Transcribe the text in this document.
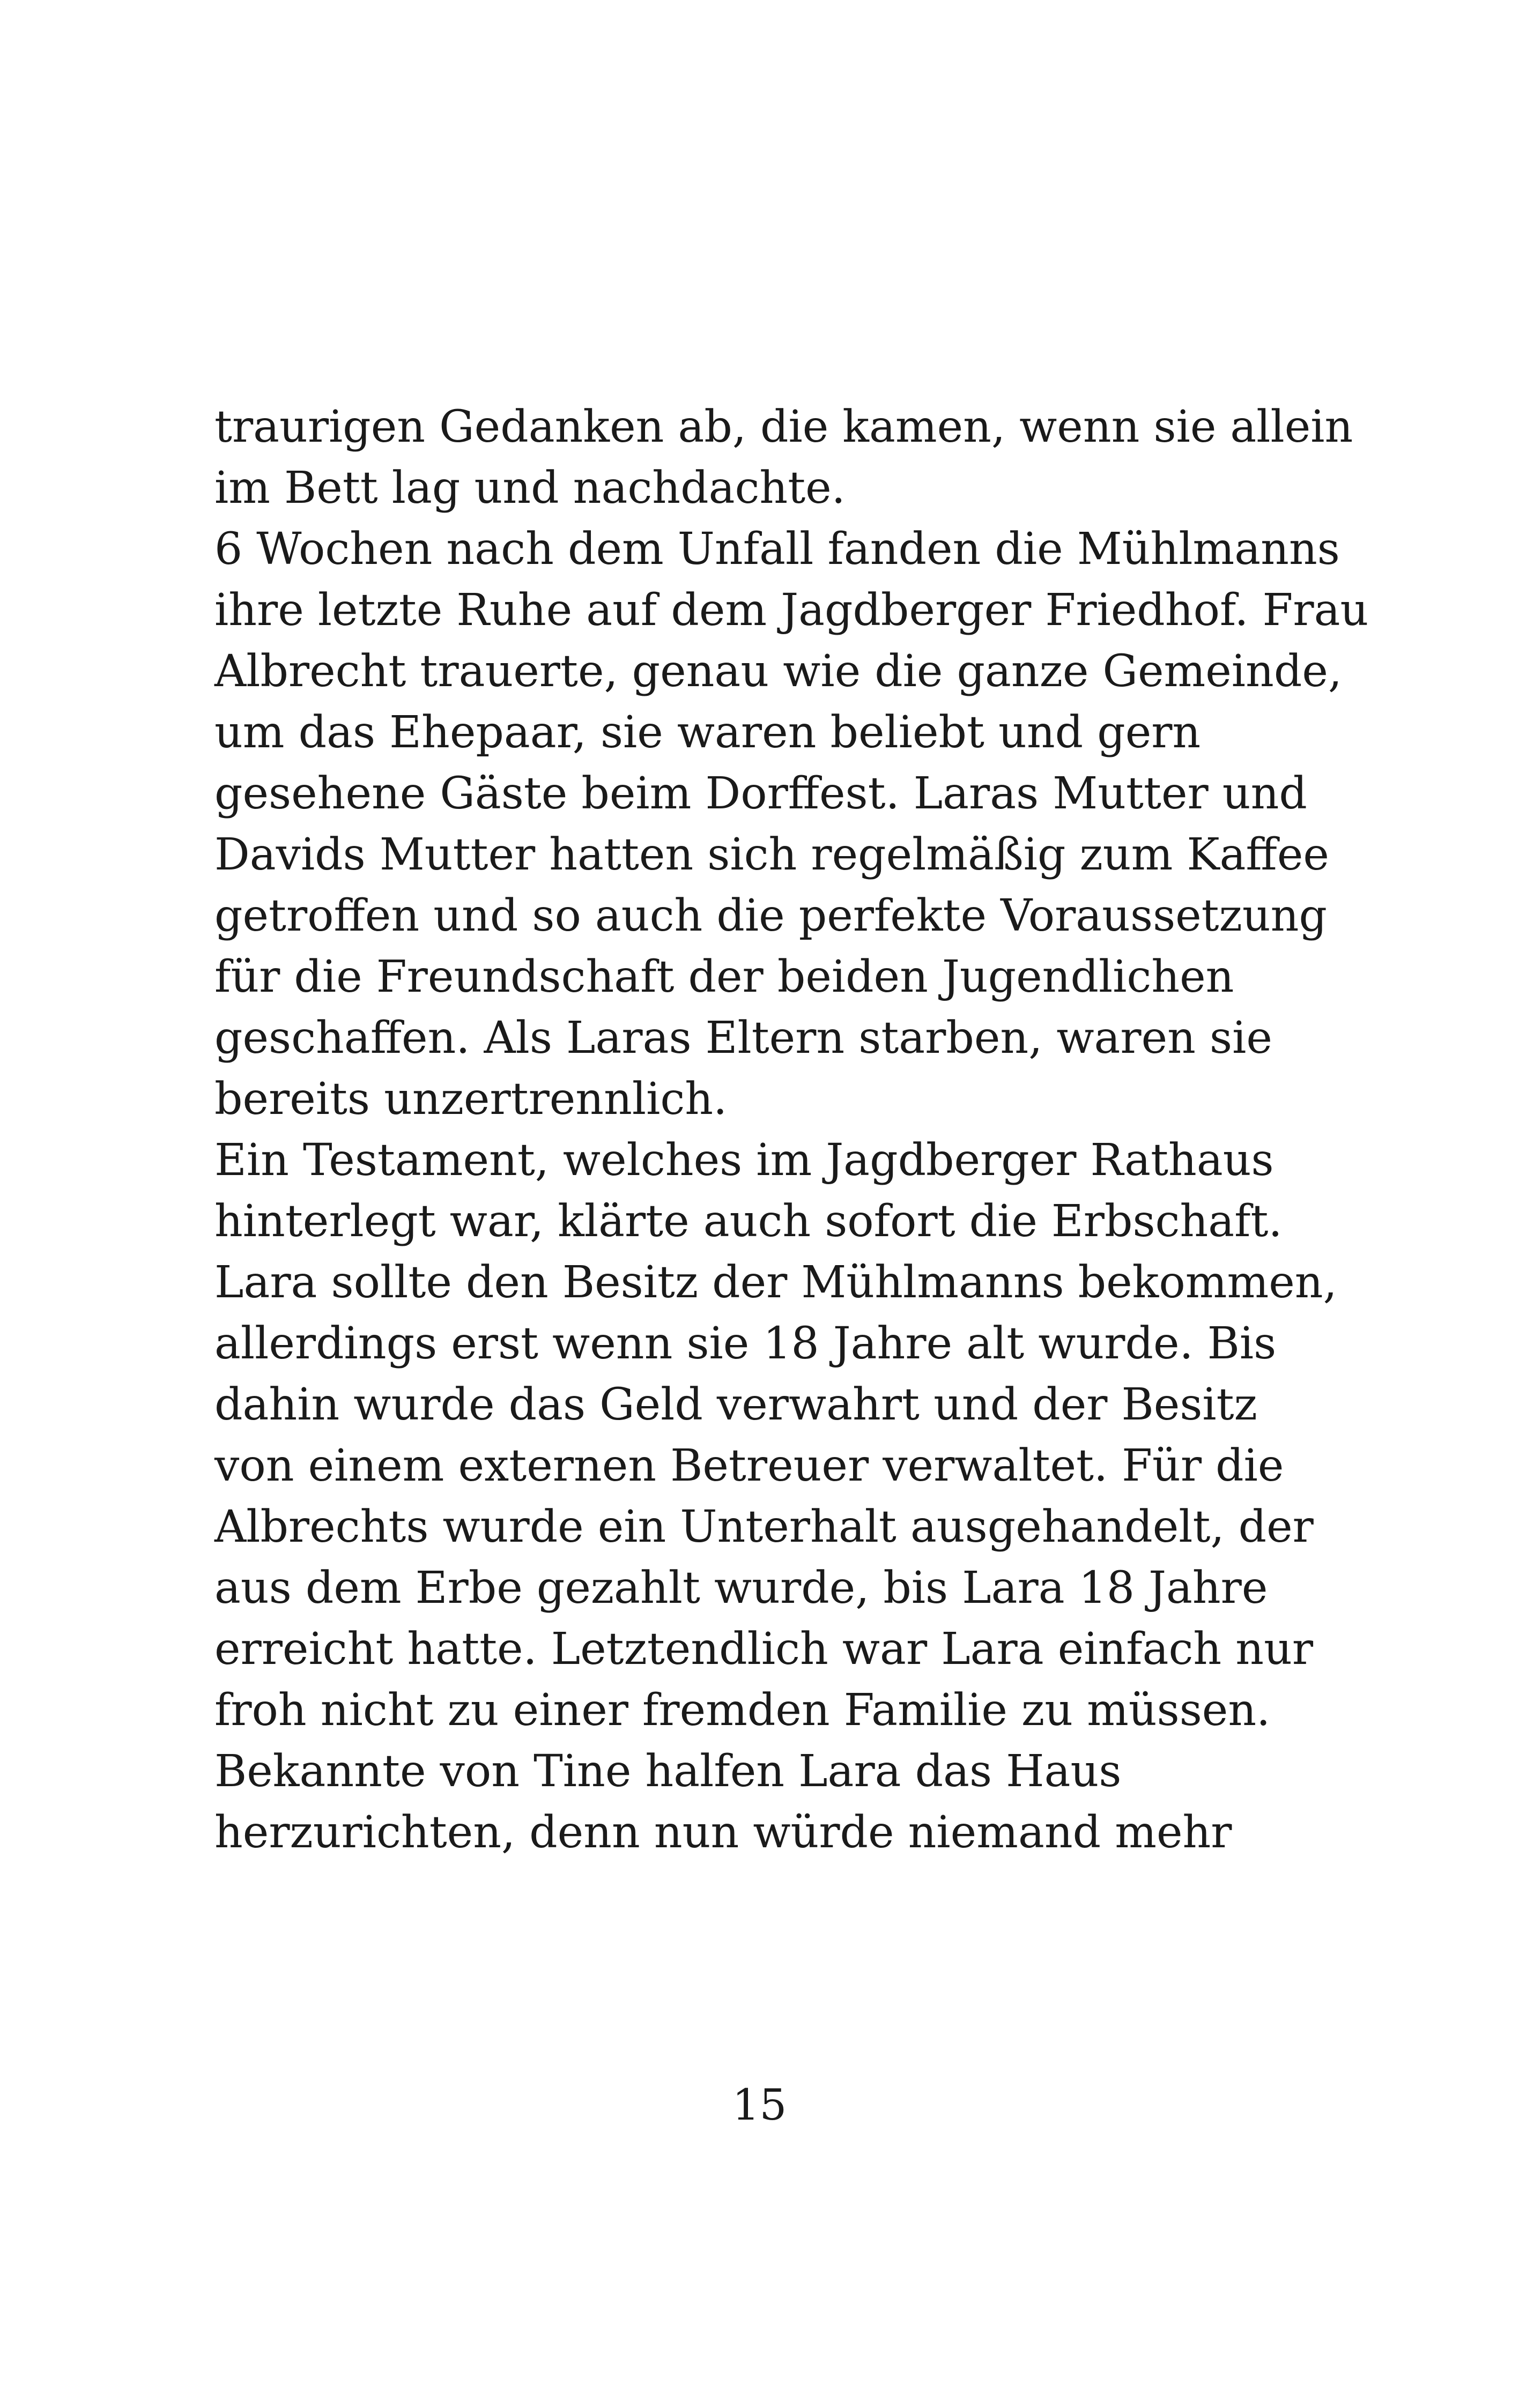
traurigen Gedanken ab, die kamen, wenn sie allein
im Bett lag und nachdachte.
6 Wochen nach dem Unfall fanden die Mühlmanns
ihre letzte Ruhe auf dem Jagdberger Friedhof. Frau
Albrecht trauerte, genau wie die ganze Gemeinde,
um das Ehepaar, sie waren beliebt und gern
gesehene Gäste beim Dorffest. Laras Mutter und
Davids Mutter hatten sich regelmäßig zum Kaffee
getroffen und so auch die perfekte Voraussetzung
für die Freundschaft der beiden Jugendlichen
geschaffen. Als Laras Eltern starben, waren sie
bereits unzertrennlich.
Ein Testament, welches im Jagdberger Rathaus
hinterlegt war, klärte auch sofort die Erbschaft.
Lara sollte den Besitz der Mühlmanns bekommen,
allerdings erst wenn sie 18 Jahre alt wurde. Bis
dahin wurde das Geld verwahrt und der Besitz
von einem externen Betreuer verwaltet. Für die
Albrechts wurde ein Unterhalt ausgehandelt, der
aus dem Erbe gezahlt wurde, bis Lara 18 Jahre
erreicht hatte. Letztendlich war Lara einfach nur
froh nicht zu einer fremden Familie zu müssen.
Bekannte von Tine halfen Lara das Haus
herzurichten, denn nun würde niemand mehr
15
